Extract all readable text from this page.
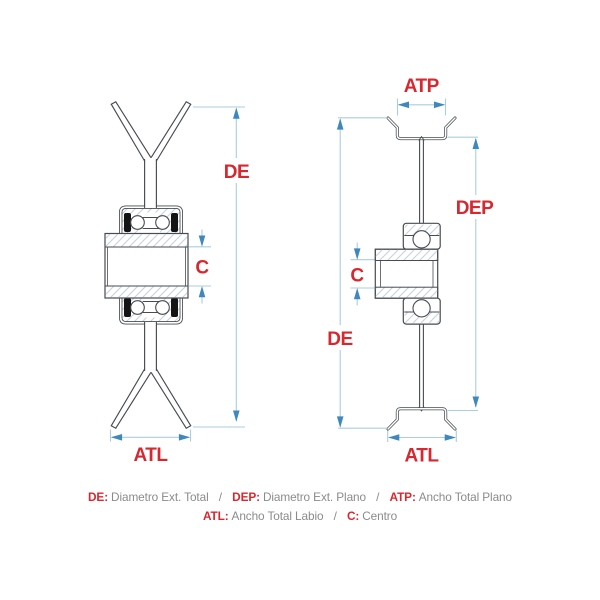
DE
C
ATL
ATP
DEP
DE
C
ATL
DE: Diametro Ext. Total / DEP: Diametro Ext. Plano / ATP: Ancho Total Plano
ATL: Ancho Total Labio / C: Centro
